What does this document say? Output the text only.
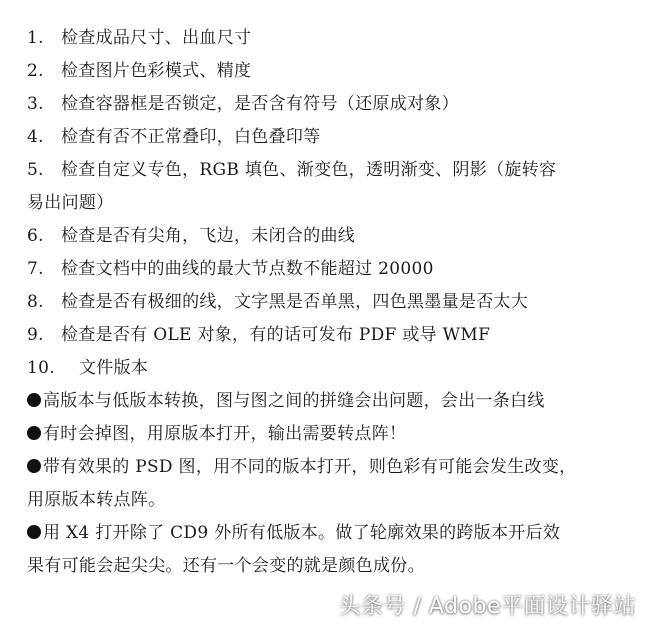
1. 检查成品尺寸、出血尺寸
2. 检查图片色彩模式、精度
3. 检查容器框是否锁定，是否含有符号（还原成对象）
4. 检查有否不正常叠印，白色叠印等
5. 检查自定义专色，RGB 填色、渐变色，透明渐变、阴影（旋转容
易出问题）
6. 检查是否有尖角，飞边，未闭合的曲线
7. 检查文档中的曲线的最大节点数不能超过 20000
8. 检查是否有极细的线，文字黑是否单黑，四色黑墨量是否太大
9. 检查是否有 OLE 对象，有的话可发布 PDF 或导 WMF
10. 文件版本
高版本与低版本转换，图与图之间的拼缝会出问题，会出一条白线
有时会掉图，用原版本打开，输出需要转点阵！
带有效果的 PSD 图，用不同的版本打开，则色彩有可能会发生改变，
用原版本转点阵。
用 X4 打开除了 CD9 外所有低版本。做了轮廓效果的跨版本开后效
果有可能会起尖尖。还有一个会变的就是颜色成份。
头条号 / Adobe平面设计驿站
